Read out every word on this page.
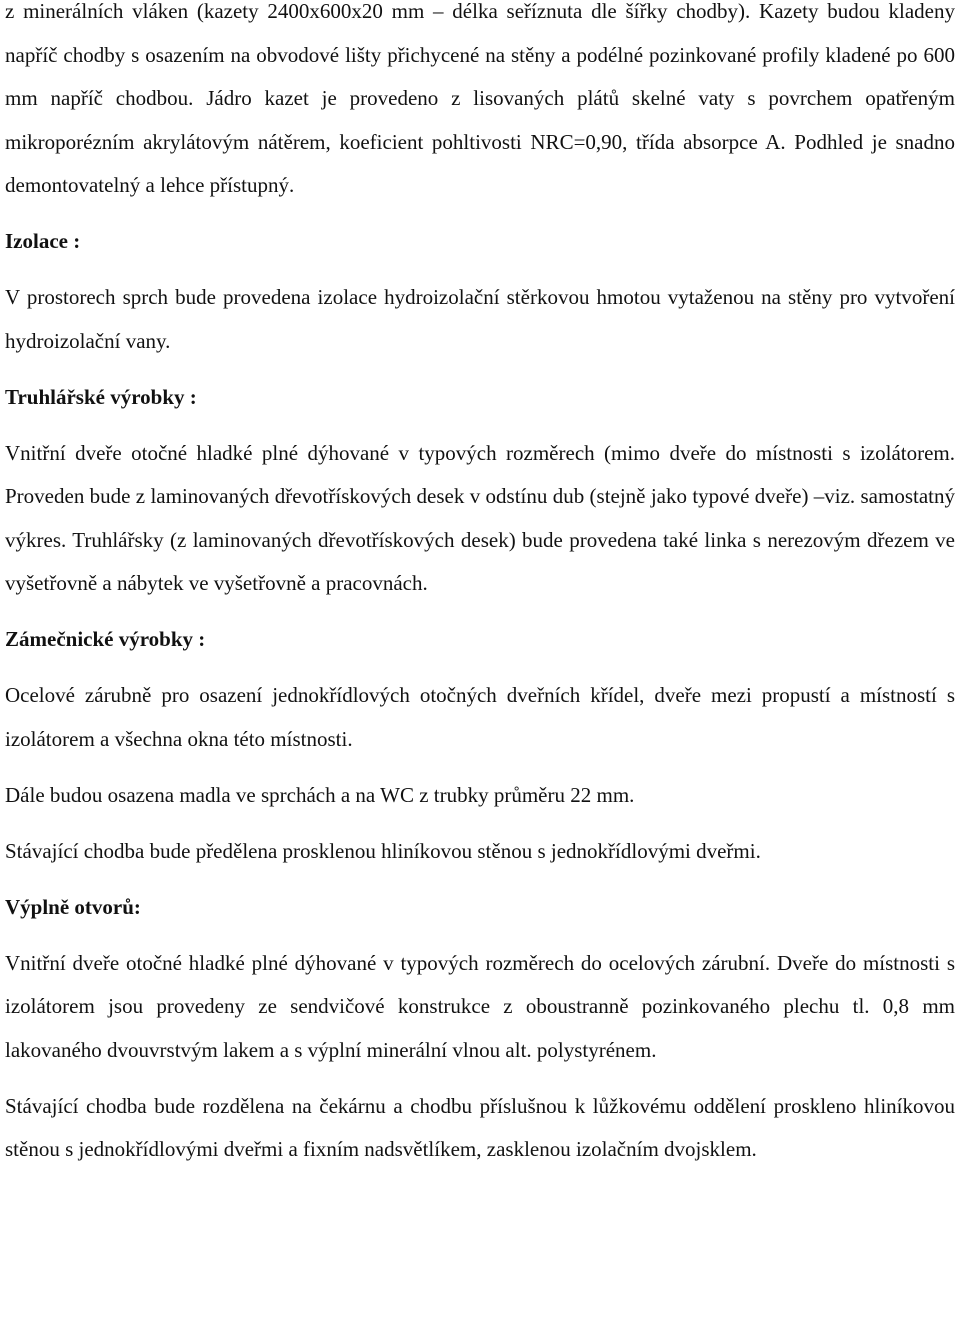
z minerálních vláken (kazety 2400x600x20 mm – délka seříznuta dle šířky chodby). Kazety budou kladeny napříč chodby s osazením na obvodové lišty přichycené na stěny a podélné pozinkované profily kladené po 600 mm napříč chodbou. Jádro kazet je provedeno z lisovaných plátů skelné vaty s povrchem opatřeným mikroporézním akrylátovým nátěrem, koeficient pohltivosti NRC=0,90, třída absorpce A. Podhled je snadno demontovatelný a lehce přístupný.

Izolace :

V prostorech sprch bude provedena izolace hydroizolační stěrkovou hmotou vytaženou na stěny pro vytvoření hydroizolační vany.

Truhlářské výrobky :

Vnitřní dveře otočné hladké plné dýhované v typových rozměrech (mimo dveře do místnosti s izolátorem. Proveden bude z laminovaných dřevotřískových desek v odstínu dub (stejně jako typové dveře) –viz. samostatný výkres. Truhlářsky (z laminovaných dřevotřískových desek) bude provedena také linka s nerezovým dřezem ve vyšetřovně a nábytek ve vyšetřovně a pracovnách.

Zámečnické výrobky :

Ocelové zárubně pro osazení jednokřídlových otočných dveřních křídel, dveře mezi propustí a místností s izolátorem a všechna okna této místnosti.

Dále budou osazena madla ve sprchách a na WC z trubky průměru 22 mm.

Stávající chodba bude předělena prosklenou hliníkovou stěnou s jednokřídlovými dveřmi.

Výplně otvorů:

Vnitřní dveře otočné hladké plné dýhované v typových rozměrech do ocelových zárubní. Dveře do místnosti s izolátorem jsou provedeny ze sendvičové konstrukce z oboustranně pozinkovaného plechu tl. 0,8 mm lakovaného dvouvrstvým lakem a s výplní minerální vlnou alt. polystyrénem.

Stávající chodba bude rozdělena na čekárnu a chodbu příslušnou k lůžkovému oddělení proskleno hliníkovou stěnou s jednokřídlovými dveřmi a fixním nadsvětlíkem, zasklenou izolačním dvojsklem.
